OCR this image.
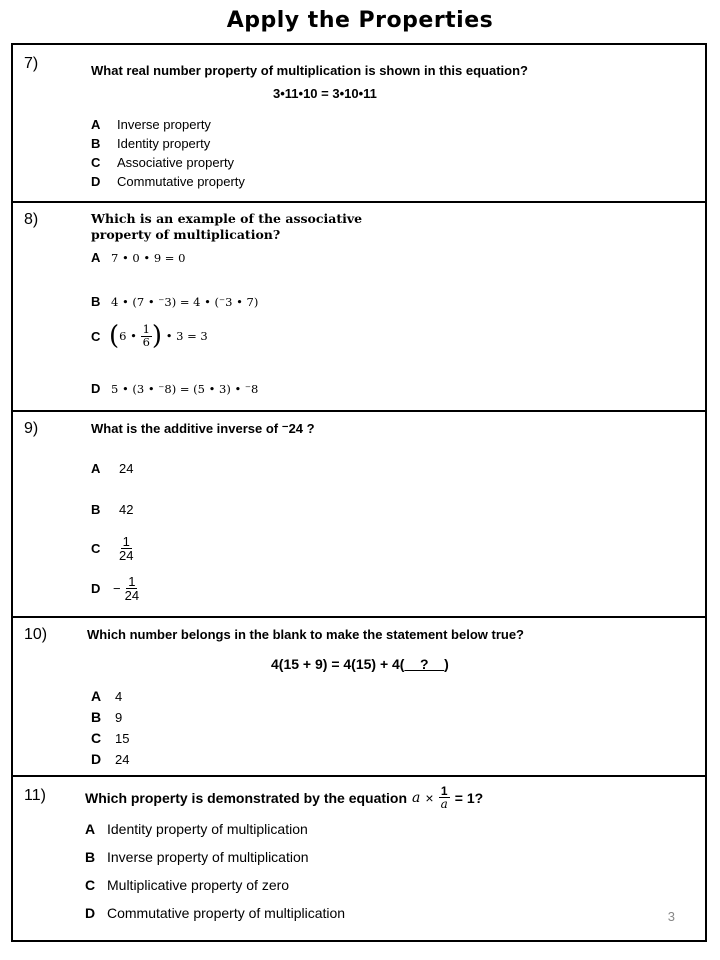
Apply the Properties
7)	What real number property of multiplication is shown in this equation?
3•11•10 = 3•10•11
A	Inverse property
B	Identity property
C	Associative property
D	Commutative property
8)	Which is an example of the associative
property of multiplication?
A 7 • 0 • 9 = 0
B 4 • (7 • ⁻3) = 4 • (⁻3 • 7)
C ( 6 • $\frac{1}{6}$ ) • 3 = 3
D 5 • (3 • ⁻8) = (5 • 3) • ⁻8
9)	What is the additive inverse of ⁻24 ?
A	24
B	42
C	$\frac{1}{24}$
$D - \frac{1}{24}$
10)	Which number belongs in the blank to make the statement below true?
4(15 + 9) = 4(15) + 4(__?__)
A	4
B	9
C	15
D	24
11)	Which property is demonstrated by the equation $a \times \frac{1}{a} = 1$?
A Identity property of multiplication
B Inverse property of multiplication
C Multiplicative property of zero
D Commutative property of multiplication	3
